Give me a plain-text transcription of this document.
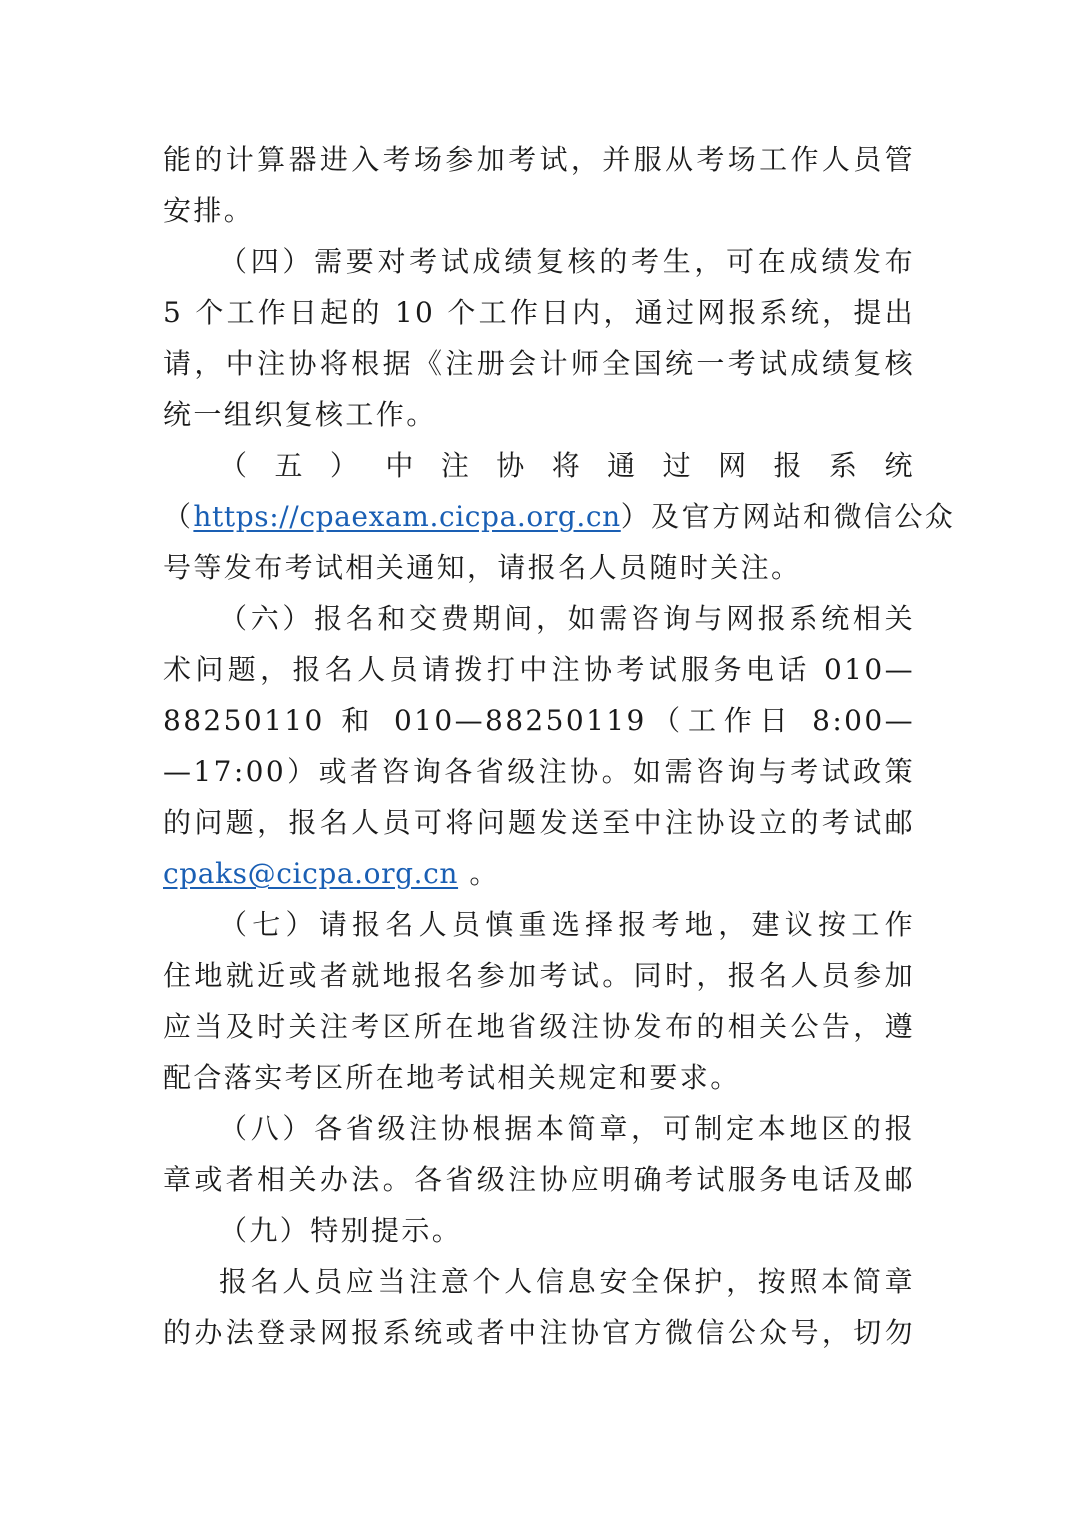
能的计算器进入考场参加考试，并服从考场工作人员管
安排。
（四）需要对考试成绩复核的考生，可在成绩发布
5 个工作日起的 10 个工作日内，通过网报系统，提出
请，中注协将根据《注册会计师全国统一考试成绩复核
统一组织复核工作。
（ 五 ） 中 注 协 将 通 过 网 报 系 统
（https://cpaexam.cicpa.org.cn）及官方网站和微信公众
号等发布考试相关通知，请报名人员随时关注。
（六）报名和交费期间，如需咨询与网报系统相关
术问题，报名人员请拨打中注协考试服务电话 010—
88250110 和 010—88250119（工作日 8:00—
—17:00）或者咨询各省级注协。如需咨询与考试政策
的问题，报名人员可将问题发送至中注协设立的考试邮
cpaks@cicpa.org.cn 。
（七）请报名人员慎重选择报考地，建议按工作
住地就近或者就地报名参加考试。同时，报名人员参加
应当及时关注考区所在地省级注协发布的相关公告，遵
配合落实考区所在地考试相关规定和要求。
（八）各省级注协根据本简章，可制定本地区的报
章或者相关办法。各省级注协应明确考试服务电话及邮
（九）特别提示。
报名人员应当注意个人信息安全保护，按照本简章
的办法登录网报系统或者中注协官方微信公众号，切勿
